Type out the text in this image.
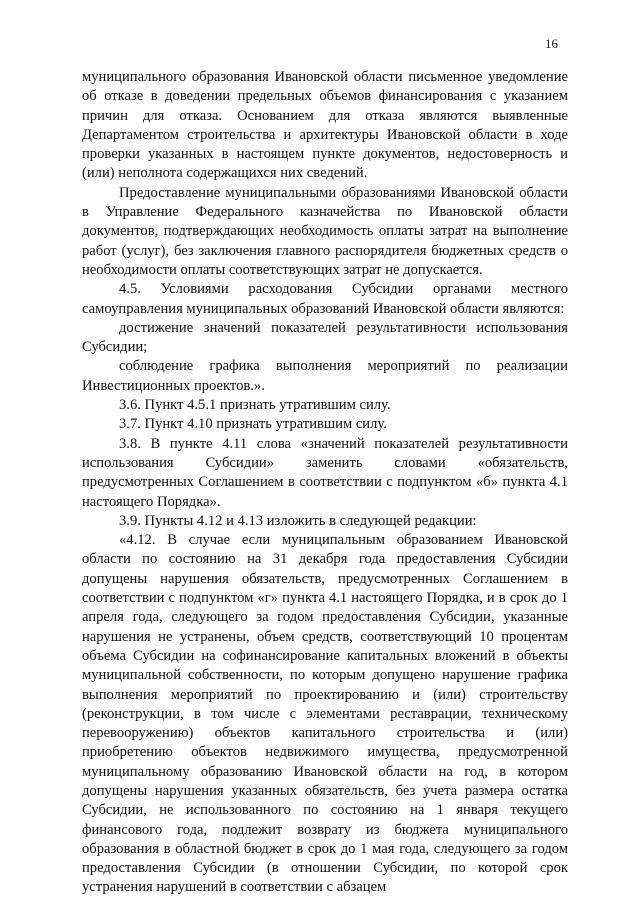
16

муниципального образования Ивановской области письменное уведомление об отказе в доведении предельных объемов финансирования с указанием причин для отказа. Основанием для отказа являются выявленные Департаментом строительства и архитектуры Ивановской области в ходе проверки указанных в настоящем пункте документов, недостоверность и (или) неполнота содержащихся них сведений.

Предоставление муниципальными образованиями Ивановской области в Управление Федерального казначейства по Ивановской области документов, подтверждающих необходимость оплаты затрат на выполнение работ (услуг), без заключения главного распорядителя бюджетных средств о необходимости оплаты соответствующих затрат не допускается.

4.5. Условиями расходования Субсидии органами местного самоуправления муниципальных образований Ивановской области являются:

достижение значений показателей результативности использования Субсидии;

соблюдение графика выполнения мероприятий по реализации Инвестиционных проектов.».

3.6. Пункт 4.5.1 признать утратившим силу.

3.7. Пункт 4.10 признать утратившим силу.

3.8. В пункте 4.11 слова «значений показателей результативности использования Субсидии» заменить словами «обязательств, предусмотренных Соглашением в соответствии с подпунктом «б» пункта 4.1 настоящего Порядка».

3.9. Пункты 4.12 и 4.13 изложить в следующей редакции:

«4.12. В случае если муниципальным образованием Ивановской области по состоянию на 31 декабря года предоставления Субсидии допущены нарушения обязательств, предусмотренных Соглашением в соответствии с подпунктом «г» пункта 4.1 настоящего Порядка, и в срок до 1 апреля года, следующего за годом предоставления Субсидии, указанные нарушения не устранены, объем средств, соответствующий 10 процентам объема Субсидии на софинансирование капитальных вложений в объекты муниципальной собственности, по которым допущено нарушение графика выполнения мероприятий по проектированию и (или) строительству (реконструкции, в том числе с элементами реставрации, техническому перевооружению) объектов капитального строительства и (или) приобретению объектов недвижимого имущества, предусмотренной муниципальному образованию Ивановской области на год, в котором допущены нарушения указанных обязательств, без учета размера остатка Субсидии, не использованного по состоянию на 1 января текущего финансового года, подлежит возврату из бюджета муниципального образования в областной бюджет в срок до 1 мая года, следующего за годом предоставления Субсидии (в отношении Субсидии, по которой срок устранения нарушений в соответствии с абзацем
